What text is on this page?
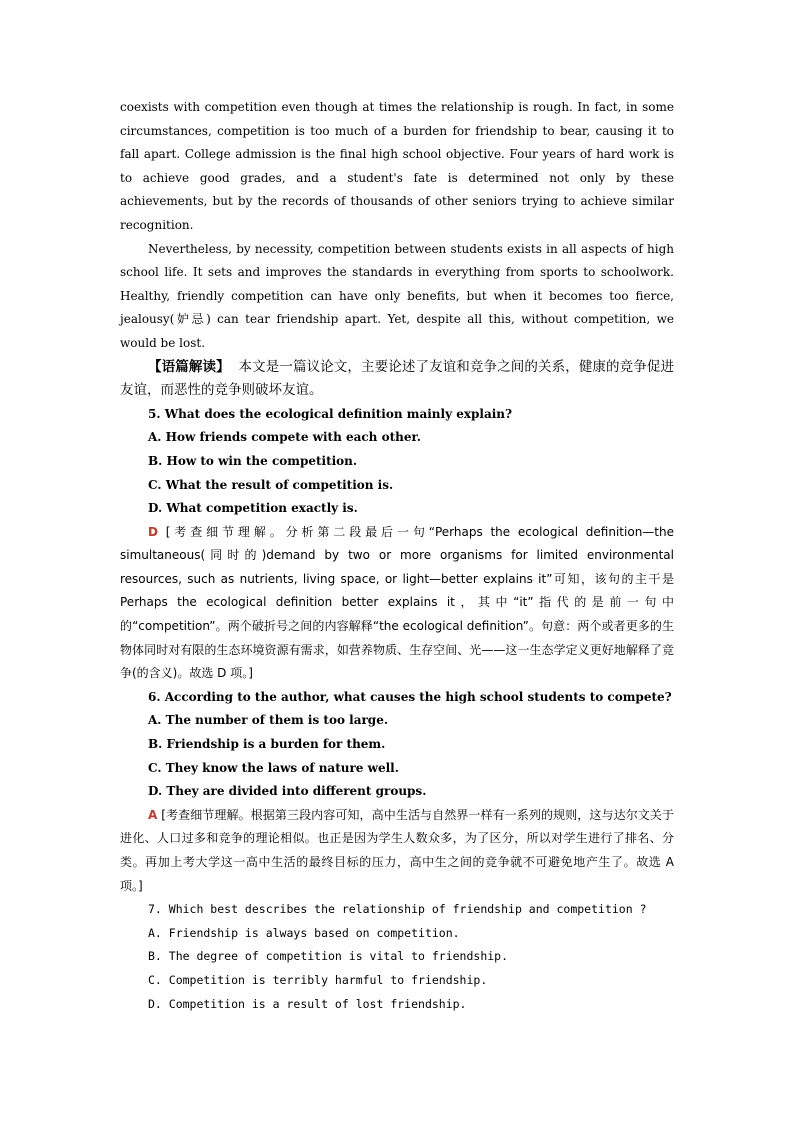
coexists with competition even though at times the relationship is rough. In fact, in some circumstances, competition is too much of a burden for friendship to bear, causing it to fall apart. College admission is the final high school objective. Four years of hard work is to achieve good grades, and a student's fate is determined not only by these achievements, but by the records of thousands of other seniors trying to achieve similar recognition.

Nevertheless, by necessity, competition between students exists in all aspects of high school life. It sets and improves the standards in everything from sports to schoolwork. Healthy, friendly competition can have only benefits, but when it becomes too fierce, jealousy(妒忌) can tear friendship apart. Yet, despite all this, without competition, we would be lost.

【语篇解读】 本文是一篇议论文，主要论述了友谊和竞争之间的关系，健康的竞争促进友谊，而恶性的竞争则破坏友谊。

5. What does the ecological definition mainly explain?

A. How friends compete with each other.

B. How to win the competition.

C. What the result of competition is.

D. What competition exactly is.

D [考查细节理解。分析第二段最后一句“Perhaps the ecological definition—the simultaneous(同时的)demand by two or more organisms for limited environmental resources, such as nutrients, living space, or light—better explains it”可知，该句的主干是 Perhaps the ecological definition better explains it，其中“it”指代的是前一句中的“competition”。两个破折号之间的内容解释“the ecological definition”。句意：两个或者更多的生物体同时对有限的生态环境资源有需求，如营养物质、生存空间、光——这一生态学定义更好地解释了竞争(的含义)。故选 D 项。]

6. According to the author, what causes the high school students to compete?

A. The number of them is too large.

B. Friendship is a burden for them.

C. They know the laws of nature well.

D. They are divided into different groups.

A [考查细节理解。根据第三段内容可知，高中生活与自然界一样有一系列的规则，这与达尔文关于进化、人口过多和竞争的理论相似。也正是因为学生人数众多，为了区分，所以对学生进行了排名、分类。再加上考大学这一高中生活的最终目标的压力，高中生之间的竞争就不可避免地产生了。故选 A 项。]

7. Which best describes the relationship of friendship and competition ?

A. Friendship is always based on competition.

B. The degree of competition is vital to friendship.

C. Competition is terribly harmful to friendship.

D. Competition is a result of lost friendship.
